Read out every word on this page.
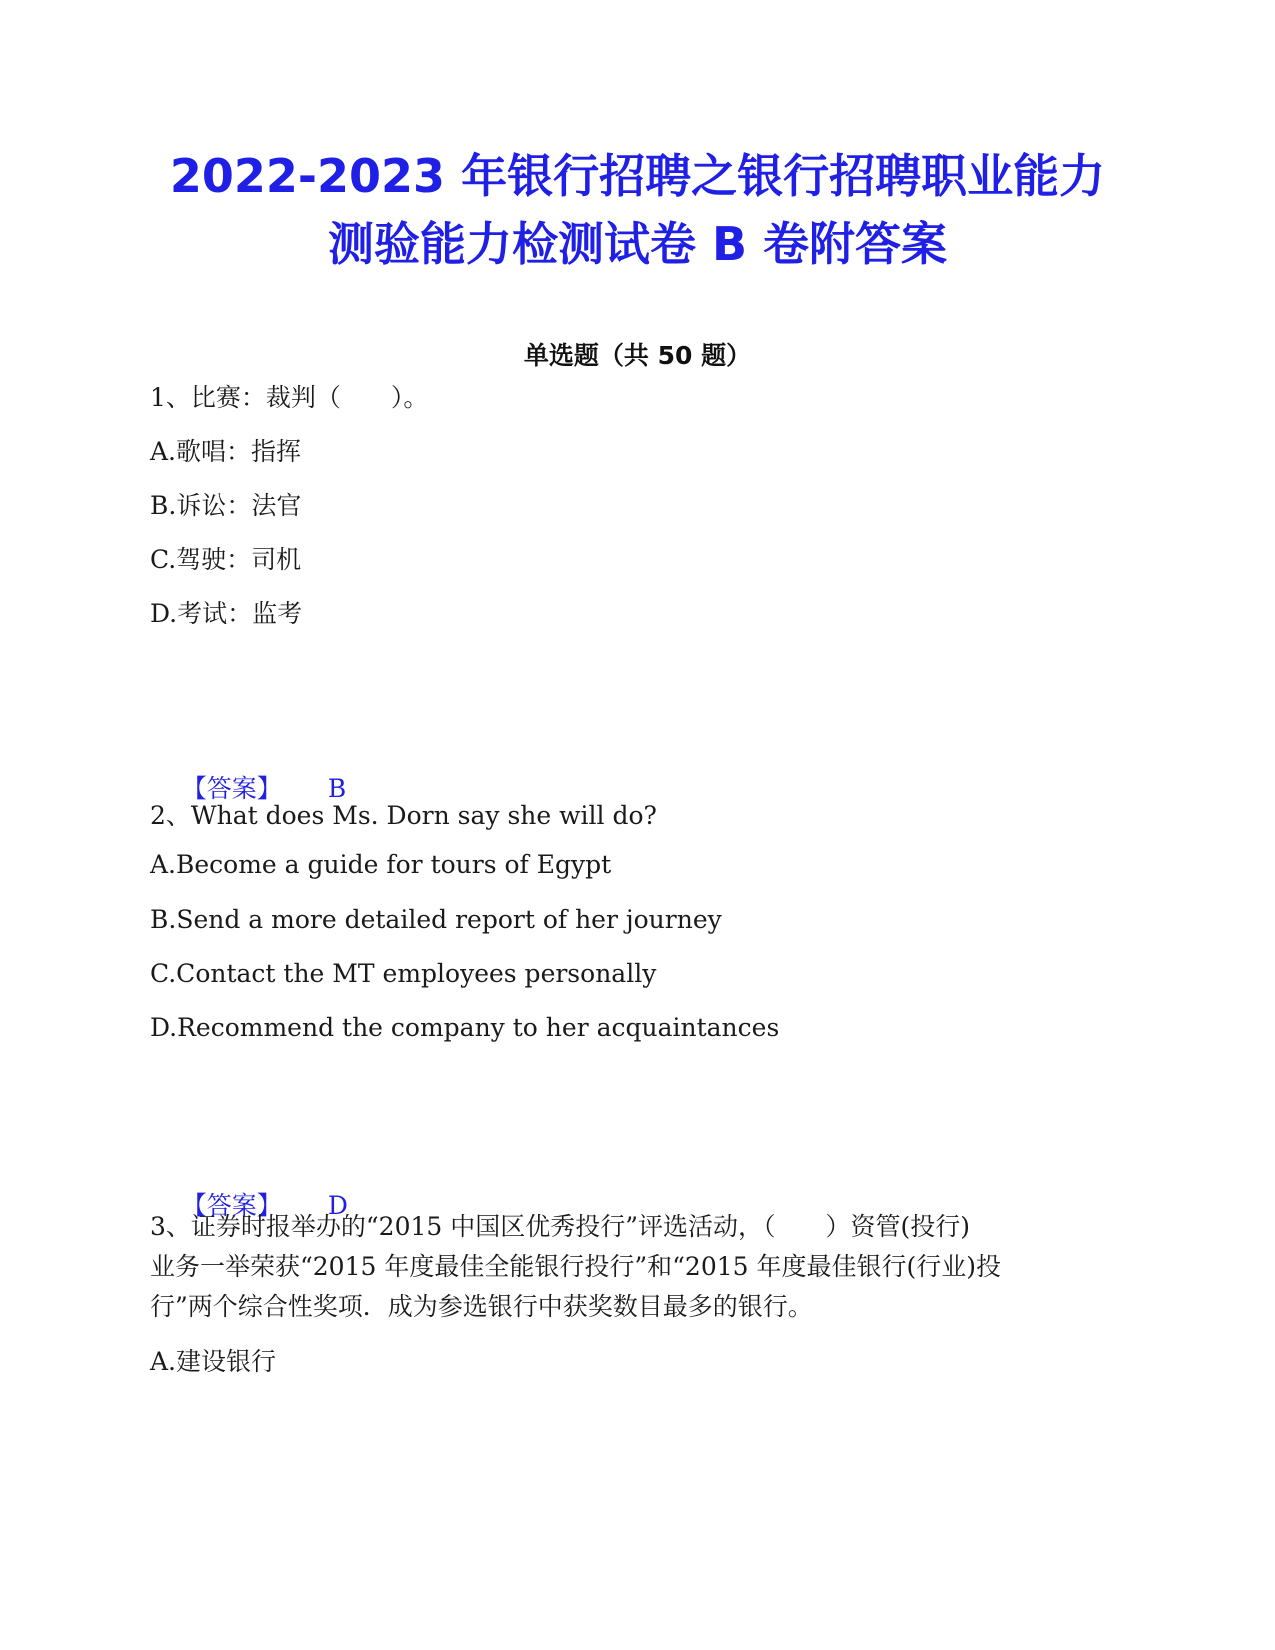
2022-2023 年银行招聘之银行招聘职业能力
测验能力检测试卷 B 卷附答案
单选题（共 50 题）
1、比赛：裁判（　　）。
A.歌唱：指挥
B.诉讼：法官
C.驾驶：司机
D.考试：监考

【答案】 B

2、What does Ms. Dorn say she will do?
A.Become a guide for tours of Egypt
B.Send a more detailed report of her journey
C.Contact the MT employees personally
D.Recommend the company to her acquaintances

【答案】 D

3、证券时报举办的“2015 中国区优秀投行”评选活动，（　　）资管(投行)
业务一举荣获“2015 年度最佳全能银行投行”和“2015 年度最佳银行(行业)投
行”两个综合性奖项．成为参选银行中获奖数目最多的银行。
A.建设银行
